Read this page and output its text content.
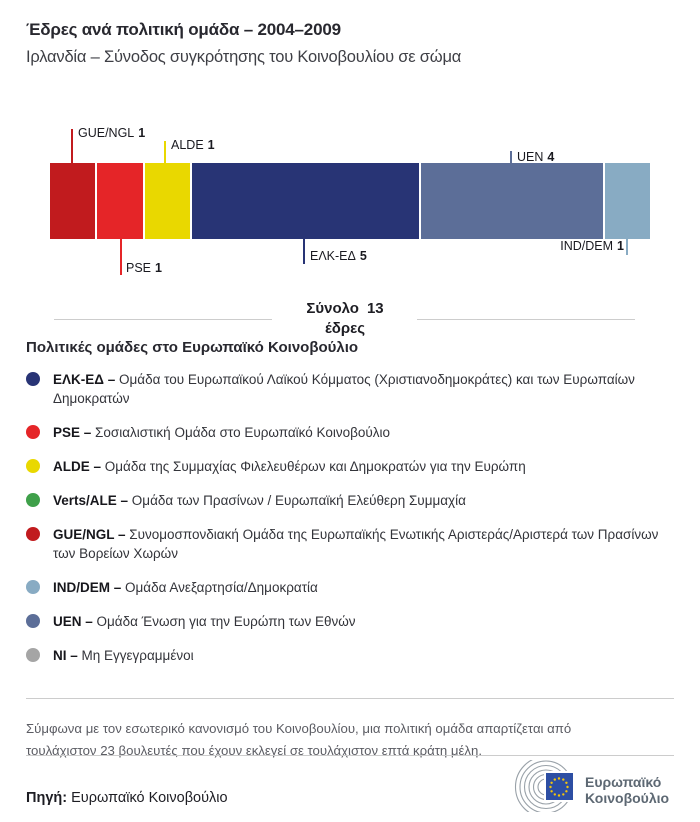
Έδρες ανά πολιτική ομάδα – 2004–2009
Ιρλανδία – Σύνοδος συγκρότησης του Κοινοβουλίου σε σώμα
GUE/NGL 1
PSE 1
ALDE 1
ΕΛΚ-ΕΔ 5
UEN 4
IND/DEM 1
Σύνολο 13
έδρες
Πολιτικές ομάδες στο Ευρωπαϊκό Κοινοβούλιο
ΕΛΚ-ΕΔ – Ομάδα του Ευρωπαϊκού Λαϊκού Κόμματος (Χριστιανοδημοκράτες) και των Ευρωπαίων Δημοκρατών
PSE – Σοσιαλιστική Ομάδα στο Ευρωπαϊκό Κοινοβούλιο
ALDE – Ομάδα της Συμμαχίας Φιλελευθέρων και Δημοκρατών για την Ευρώπη
Verts/ALE – Ομάδα των Πρασίνων / Ευρωπαϊκή Ελεύθερη Συμμαχία
GUE/NGL – Συνομοσπονδιακή Ομάδα της Ευρωπαϊκής Ενωτικής Αριστεράς/Αριστερά των Πρασίνων των Βορείων Χωρών
IND/DEM – Ομάδα Ανεξαρτησία/Δημοκρατία
UEN – Ομάδα Ένωση για την Ευρώπη των Εθνών
NI – Μη Εγγεγραμμένοι

Σύμφωνα με τον εσωτερικό κανονισμό του Κοινοβουλίου, μια πολιτική ομάδα απαρτίζεται από τουλάχιστον 23 βουλευτές που έχουν εκλεγεί σε τουλάχιστον επτά κράτη μέλη.

Πηγή: Ευρωπαϊκό Κοινοβούλιο
Ευρωπαϊκό
Κοινοβούλιο
